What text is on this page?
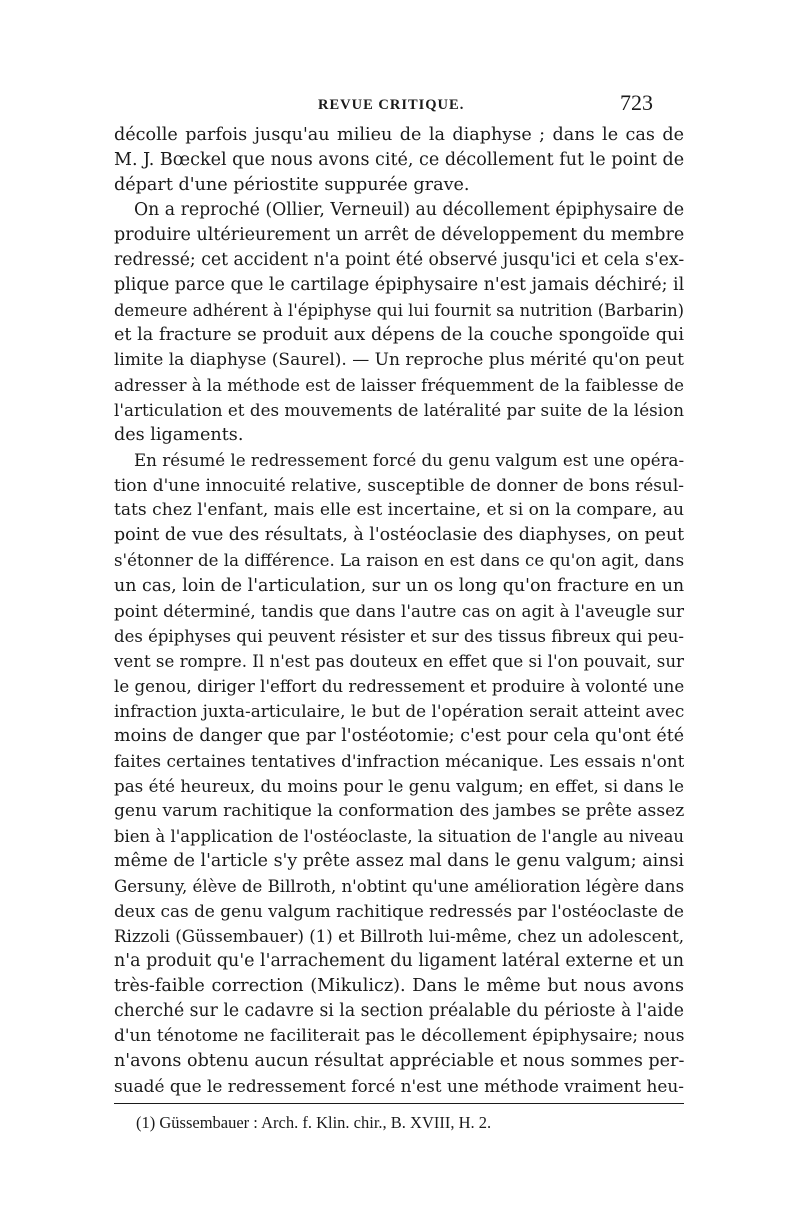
REVUE CRITIQUE.	723
décolle parfois jusqu'au milieu de la diaphyse ; dans le cas de
M. J. Bœckel que nous avons cité, ce décollement fut le point de
départ d'une périostite suppurée grave.
On a reproché (Ollier, Verneuil) au décollement épiphysaire de
produire ultérieurement un arrêt de développement du membre
redressé; cet accident n'a point été observé jusqu'ici et cela s'ex-
plique parce que le cartilage épiphysaire n'est jamais déchiré; il
demeure adhérent à l'épiphyse qui lui fournit sa nutrition (Barbarin)
et la fracture se produit aux dépens de la couche spongoïde qui
limite la diaphyse (Saurel). — Un reproche plus mérité qu'on peut
adresser à la méthode est de laisser fréquemment de la faiblesse de
l'articulation et des mouvements de latéralité par suite de la lésion
des ligaments.
En résumé le redressement forcé du genu valgum est une opéra-
tion d'une innocuité relative, susceptible de donner de bons résul-
tats chez l'enfant, mais elle est incertaine, et si on la compare, au
point de vue des résultats, à l'ostéoclasie des diaphyses, on peut
s'étonner de la différence. La raison en est dans ce qu'on agit, dans
un cas, loin de l'articulation, sur un os long qu'on fracture en un
point déterminé, tandis que dans l'autre cas on agit à l'aveugle sur
des épiphyses qui peuvent résister et sur des tissus fibreux qui peu-
vent se rompre. Il n'est pas douteux en effet que si l'on pouvait, sur
le genou, diriger l'effort du redressement et produire à volonté une
infraction juxta-articulaire, le but de l'opération serait atteint avec
moins de danger que par l'ostéotomie; c'est pour cela qu'ont été
faites certaines tentatives d'infraction mécanique. Les essais n'ont
pas été heureux, du moins pour le genu valgum; en effet, si dans le
genu varum rachitique la conformation des jambes se prête assez
bien à l'application de l'ostéoclaste, la situation de l'angle au niveau
même de l'article s'y prête assez mal dans le genu valgum; ainsi
Gersuny, élève de Billroth, n'obtint qu'une amélioration légère dans
deux cas de genu valgum rachitique redressés par l'ostéoclaste de
Rizzoli (Güssembauer) (1) et Billroth lui-même, chez un adolescent,
n'a produit qu'e l'arrachement du ligament latéral externe et un
très-faible correction (Mikulicz). Dans le même but nous avons
cherché sur le cadavre si la section préalable du périoste à l'aide
d'un ténotome ne faciliterait pas le décollement épiphysaire; nous
n'avons obtenu aucun résultat appréciable et nous sommes per-
suadé que le redressement forcé n'est une méthode vraiment heu-
(1) Güssembauer : Arch. f. Klin. chir., B. XVIII, H. 2.
